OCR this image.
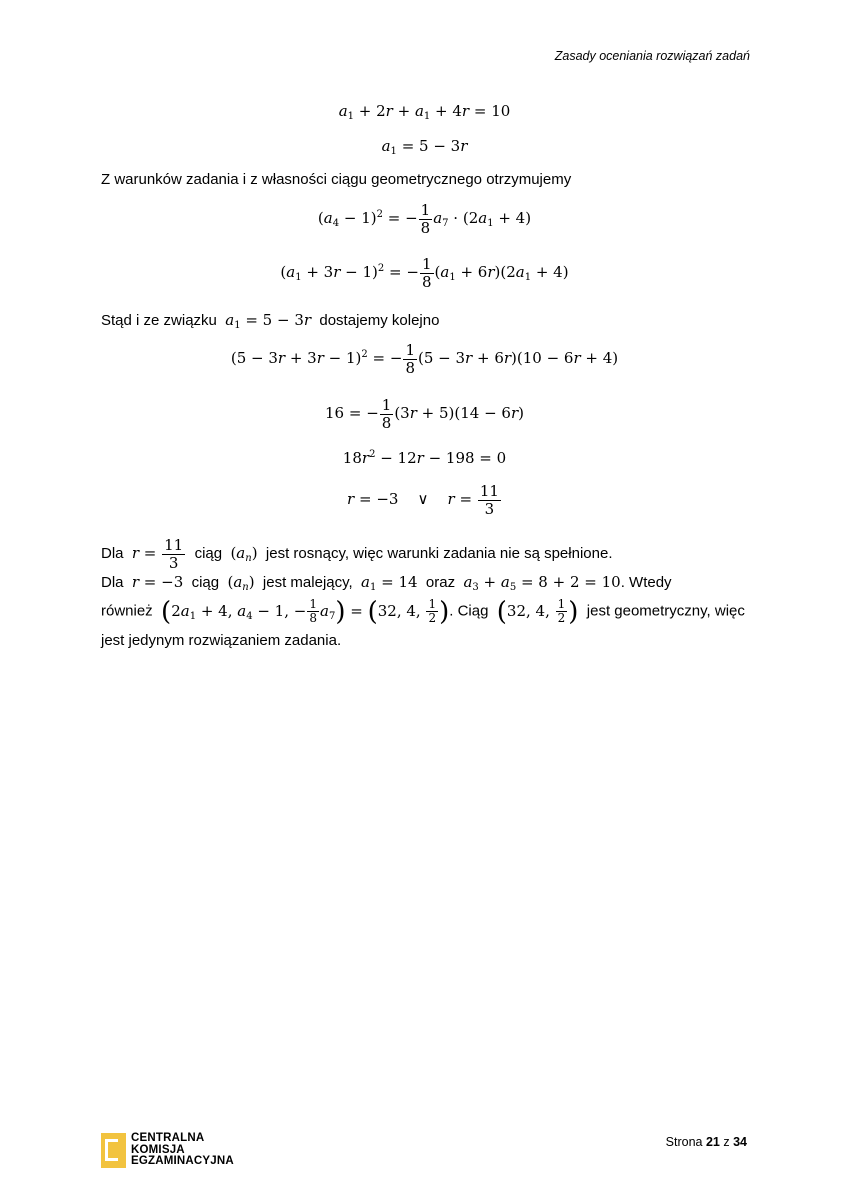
Zasady oceniania rozwiązań zadań
𝑎$_1$ + 2𝑟 + 𝑎$_1$ + 4𝑟 = 10
𝑎$_1$ = 5 − 3𝑟
Z warunków zadania i z własności ciągu geometrycznego otrzymujemy
(𝑎$_4$ − 1)$^2$ = − $\frac{1}{8}$ 𝑎$_7$ · (2𝑎$_1$ + 4)
(𝑎$_1$ + 3𝑟 − 1)$^2$ = − $\frac{1}{8}$ (𝑎$_1$ + 6𝑟)(2𝑎$_1$ + 4)
Stąd i ze związku 𝑎$_1$ = 5 − 3𝑟 dostajemy kolejno
(5 − 3𝑟 + 3𝑟 − 1)$^2$ = − $\frac{1}{8} (5$ − 3𝑟 + 6𝑟)(10 − 6𝑟 + 4)
16 = − $\frac{1}{8}$ (3𝑟 + 5)(14 − 6𝑟)
18𝑟$^2$ − 12𝑟 − 198 = 0
𝑟 = −3    ∨    𝑟 = $\frac{11}{3}$
Dla 𝑟 = $\frac{11}{3}$ ciąg (𝑎$_𝑛$) jest rosnący, więc warunki zadania nie są spełnione.
Dla 𝑟 = −3 ciąg (𝑎$_𝑛$) jest malejący, 𝑎$_1$ = 14 oraz 𝑎$_3$ + 𝑎$_5$ = 8 + 2 = 10. Wtedy
również (2𝑎$_1$ + 4, 𝑎$_4$ − 1, − $\frac{1}{8}$ 𝑎$_7$) = (32, 4, $\frac{1}{2}$ ). Ciąg (32, 4, $\frac{1}{2}$ ) jest geometryczny, więc
jest jedynym rozwiązaniem zadania.
CENTRALNA
KOMISJA
EGZAMINACYJNA
Strona 21 z 34
